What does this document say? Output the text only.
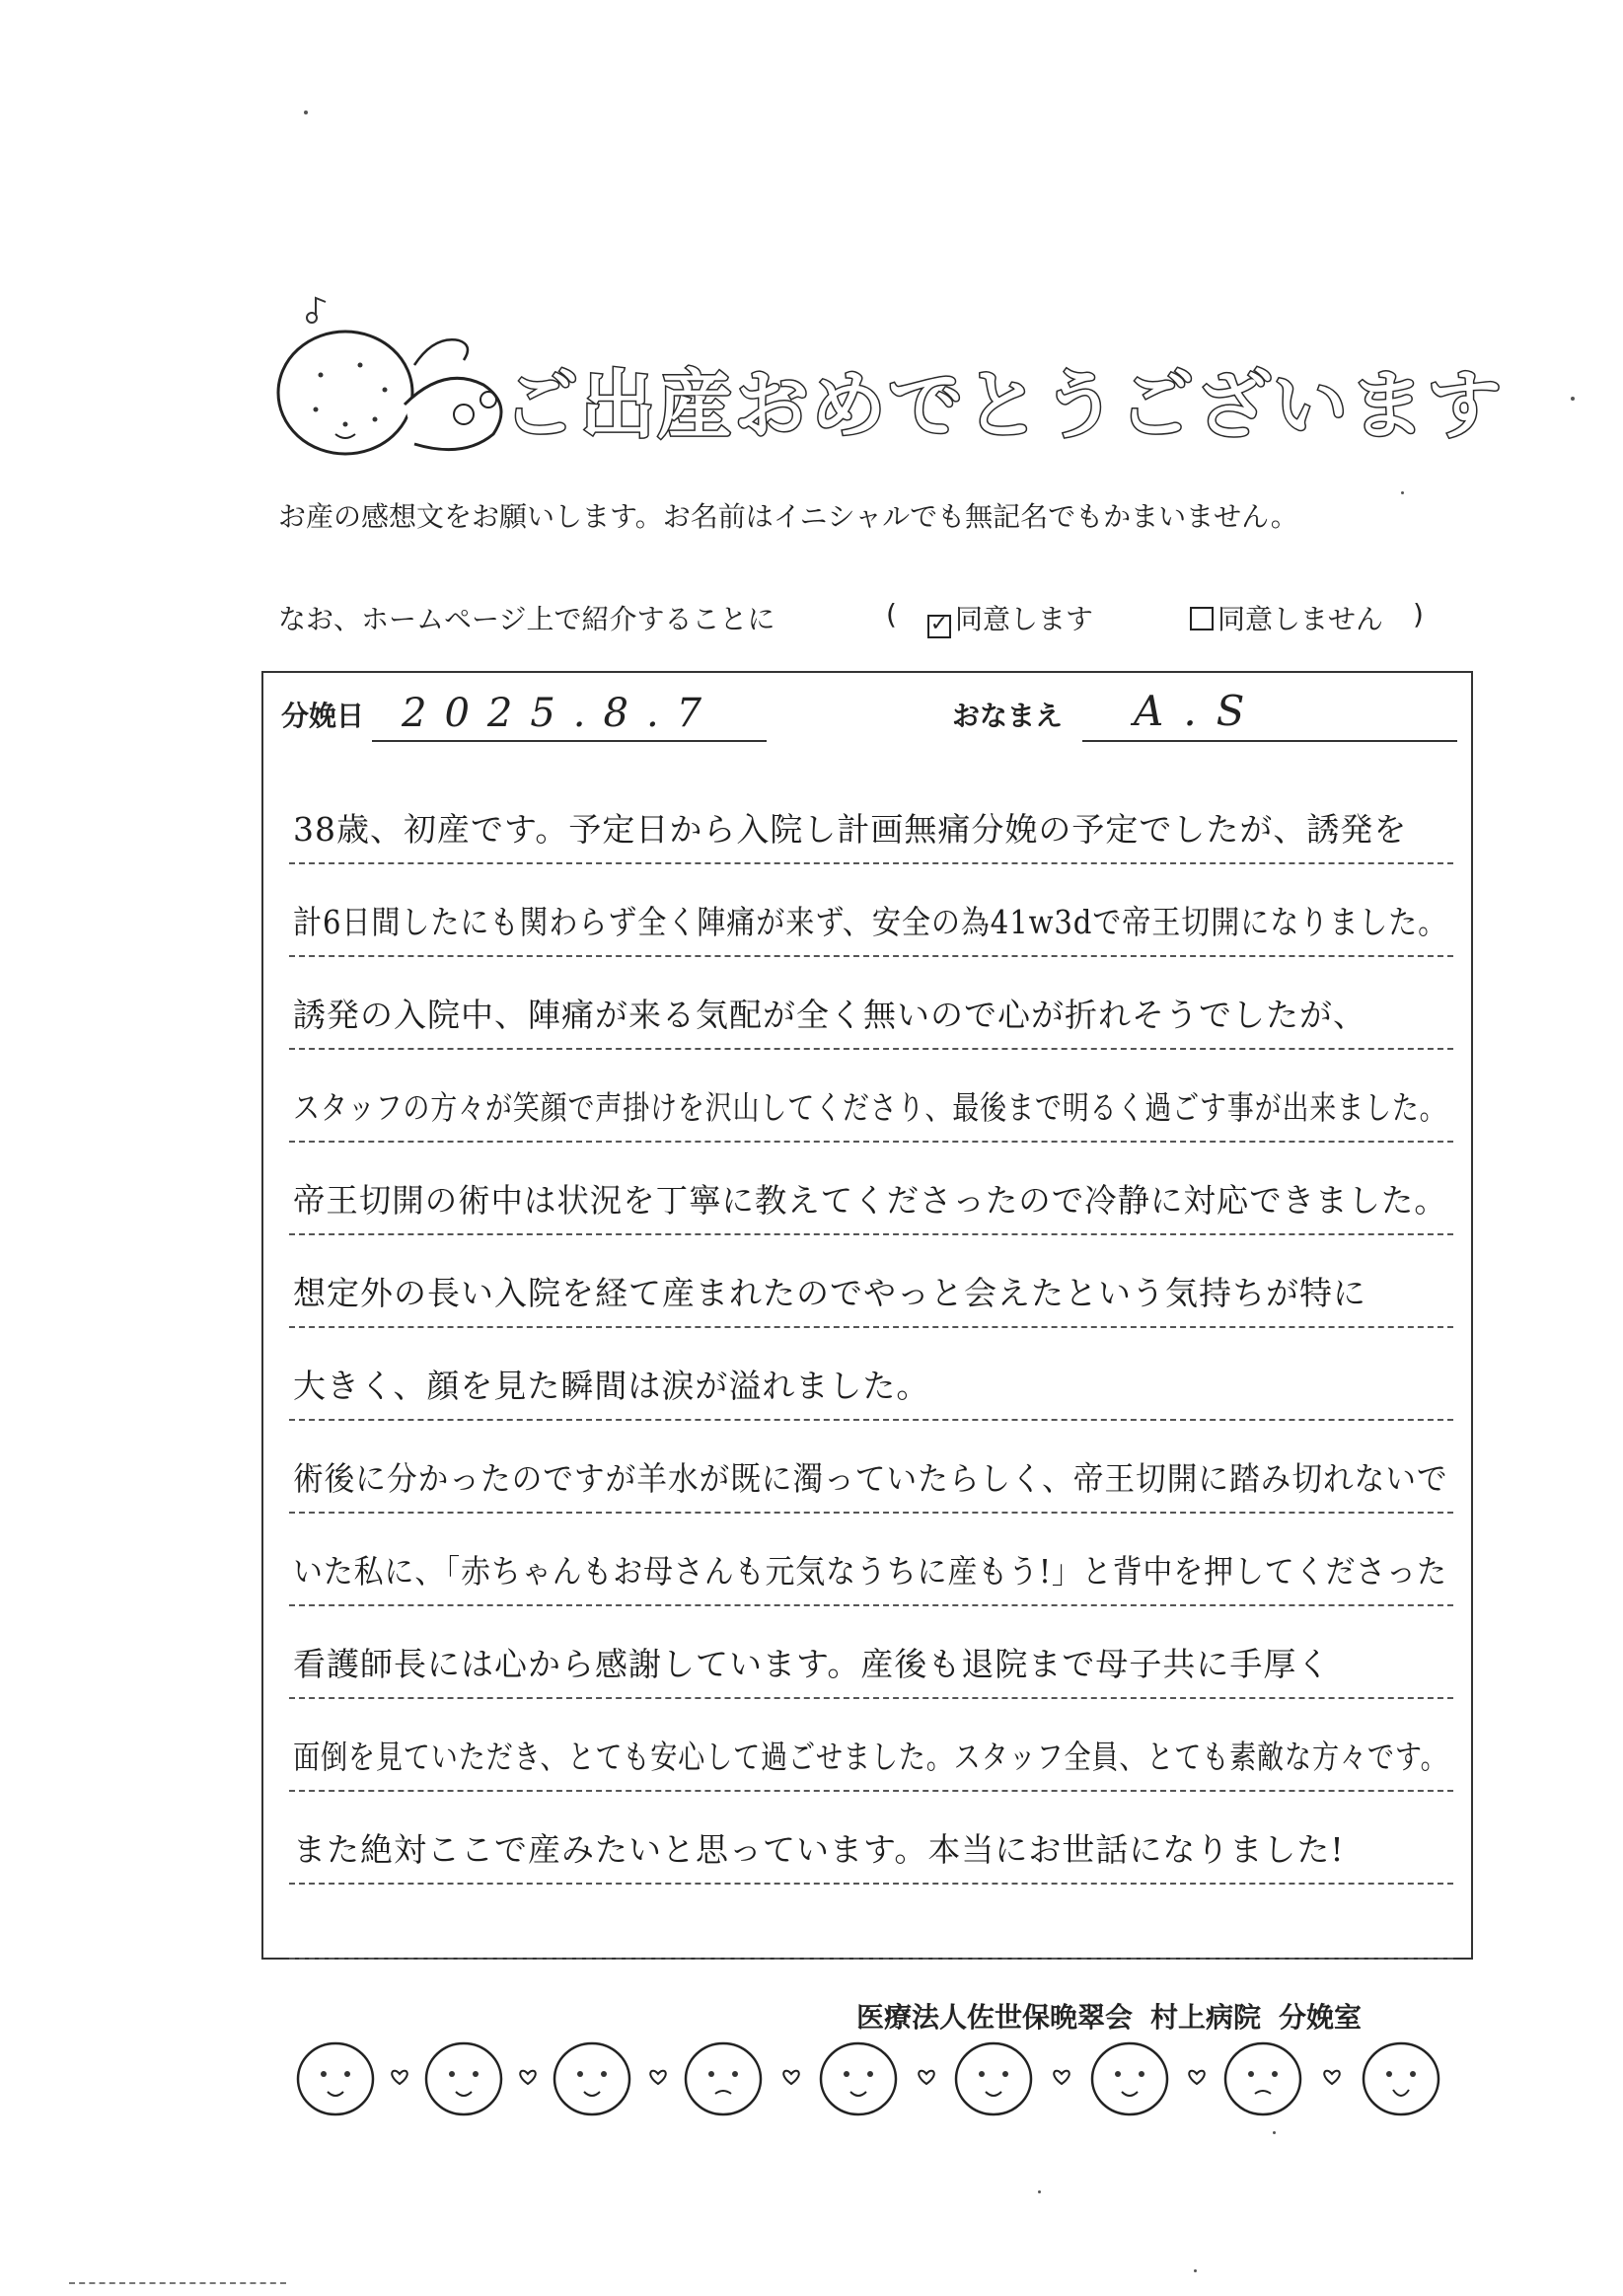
ご出産おめでとうございます
お産の感想文をお願いします。お名前はイニシャルでも無記名でもかまいません。
なお、ホームページ上で紹介することに	( ✓ 同意します	同意しません )
分娩日 2025.8.7	おなまえ A.S
38歳、初産です。予定日から入院し計画無痛分娩の予定でしたが、誘発を
計6日間したにも関わらず全く陣痛が来ず、安全の為41w3dで帝王切開になりました。
誘発の入院中、陣痛が来る気配が全く無いので心が折れそうでしたが、
スタッフの方々が笑顔で声掛けを沢山してくださり、最後まで明るく過ごす事が出来ました。
帝王切開の術中は状況を丁寧に教えてくださったので冷静に対応できました。
想定外の長い入院を経て産まれたのでやっと会えたという気持ちが特に
大きく、顔を見た瞬間は涙が溢れました。
術後に分かったのですが羊水が既に濁っていたらしく、帝王切開に踏み切れないで
いた私に、「赤ちゃんもお母さんも元気なうちに産もう!」と背中を押してくださった
看護師長には心から感謝しています。産後も退院まで母子共に手厚く
面倒を見ていただき、とても安心して過ごせました。スタッフ全員、とても素敵な方々です。
また絶対ここで産みたいと思っています。本当にお世話になりました!
医療法人佐世保晩翠会 村上病院 分娩室
